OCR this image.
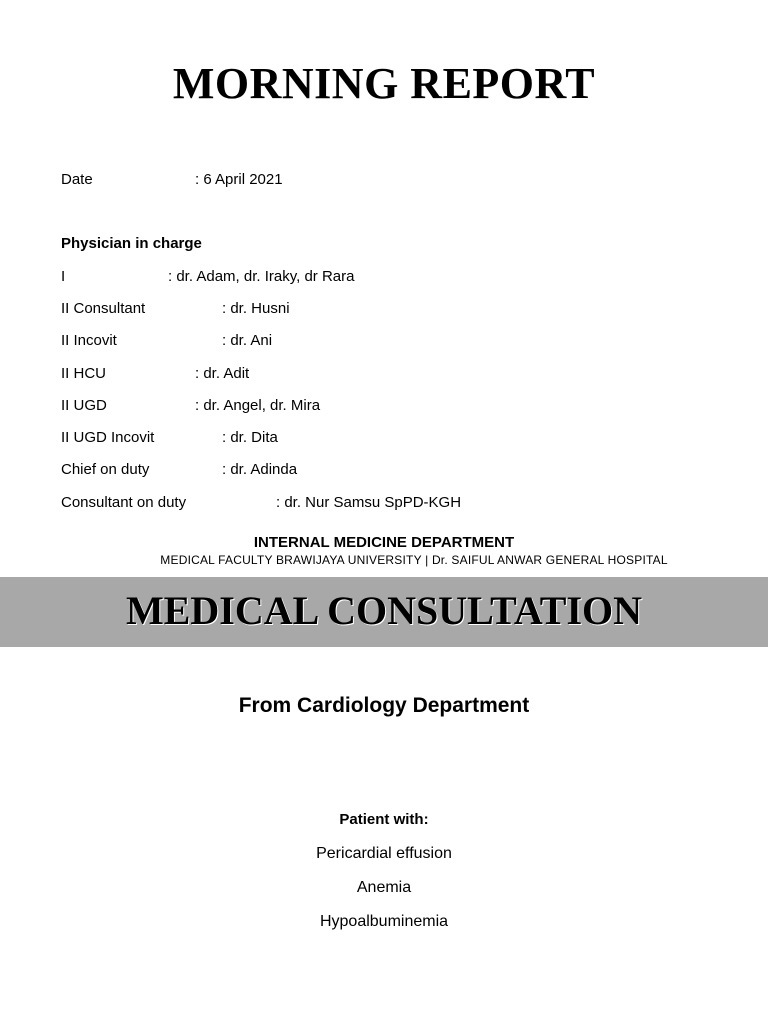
MORNING REPORT
Date	: 6 April 2021
Physician in charge
I	: dr. Adam, dr. Iraky, dr Rara
II Consultant	: dr. Husni
II Incovit	: dr. Ani
II HCU	: dr. Adit
II UGD	: dr. Angel, dr. Mira
II UGD Incovit	: dr. Dita
Chief on duty	: dr. Adinda
Consultant on duty	: dr. Nur Samsu SpPD-KGH
INTERNAL MEDICINE DEPARTMENT
MEDICAL FACULTY BRAWIJAYA UNIVERSITY | Dr. SAIFUL ANWAR GENERAL HOSPITAL
MEDICAL CONSULTATION
From Cardiology Department
Patient with:
Pericardial effusion
Anemia
Hypoalbuminemia
